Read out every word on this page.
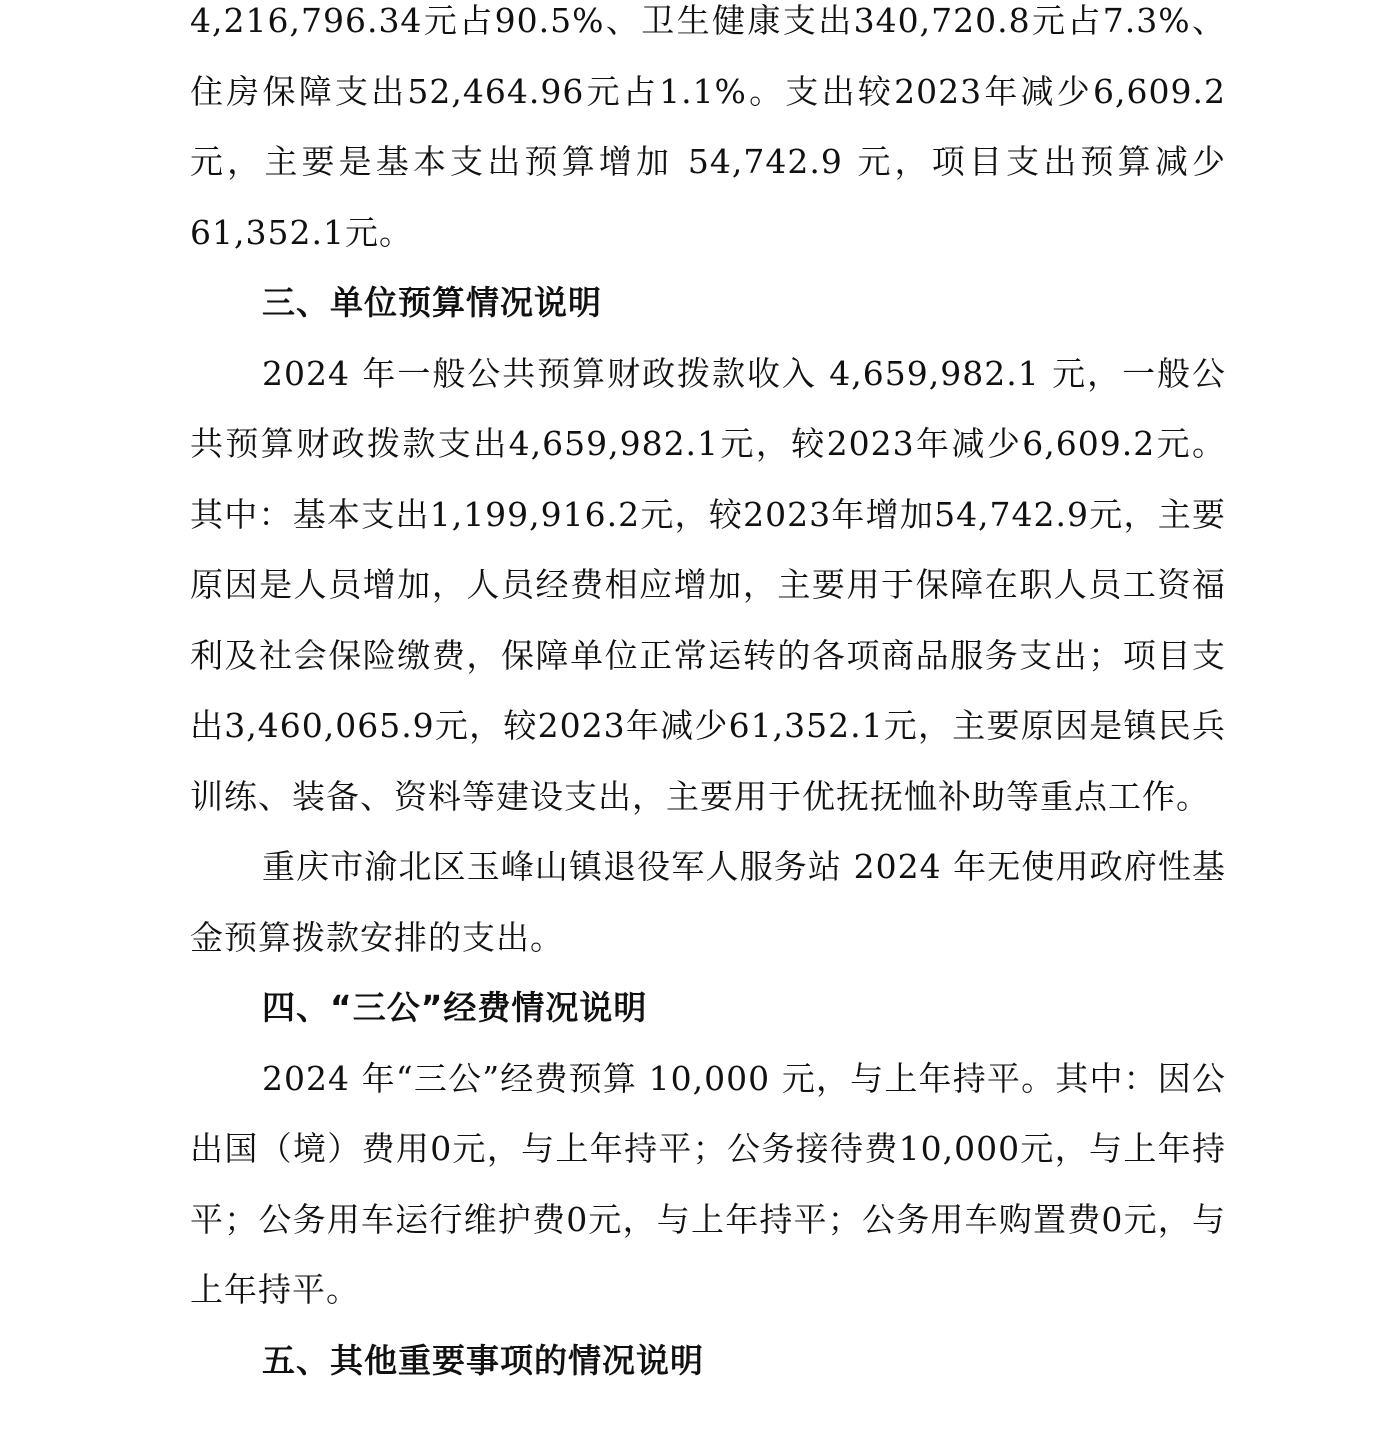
4,216,796.34元占90.5%、卫生健康支出340,720.8元占7.3%、住房保障支出52,464.96元占1.1%。支出较2023年减少6,609.2元，主要是基本支出预算增加 54,742.9 元，项目支出预算减少61,352.1元。

三、单位预算情况说明

2024 年一般公共预算财政拨款收入 4,659,982.1 元，一般公共预算财政拨款支出4,659,982.1元，较2023年减少6,609.2元。其中：基本支出1,199,916.2元，较2023年增加54,742.9元，主要原因是人员增加，人员经费相应增加，主要用于保障在职人员工资福利及社会保险缴费，保障单位正常运转的各项商品服务支出；项目支出3,460,065.9元，较2023年减少61,352.1元，主要原因是镇民兵训练、装备、资料等建设支出，主要用于优抚抚恤补助等重点工作。

重庆市渝北区玉峰山镇退役军人服务站 2024 年无使用政府性基金预算拨款安排的支出。

四、“三公”经费情况说明

2024 年“三公”经费预算 10,000 元，与上年持平。其中：因公出国（境）费用0元，与上年持平；公务接待费10,000元，与上年持平；公务用车运行维护费0元，与上年持平；公务用车购置费0元，与上年持平。

五、其他重要事项的情况说明
